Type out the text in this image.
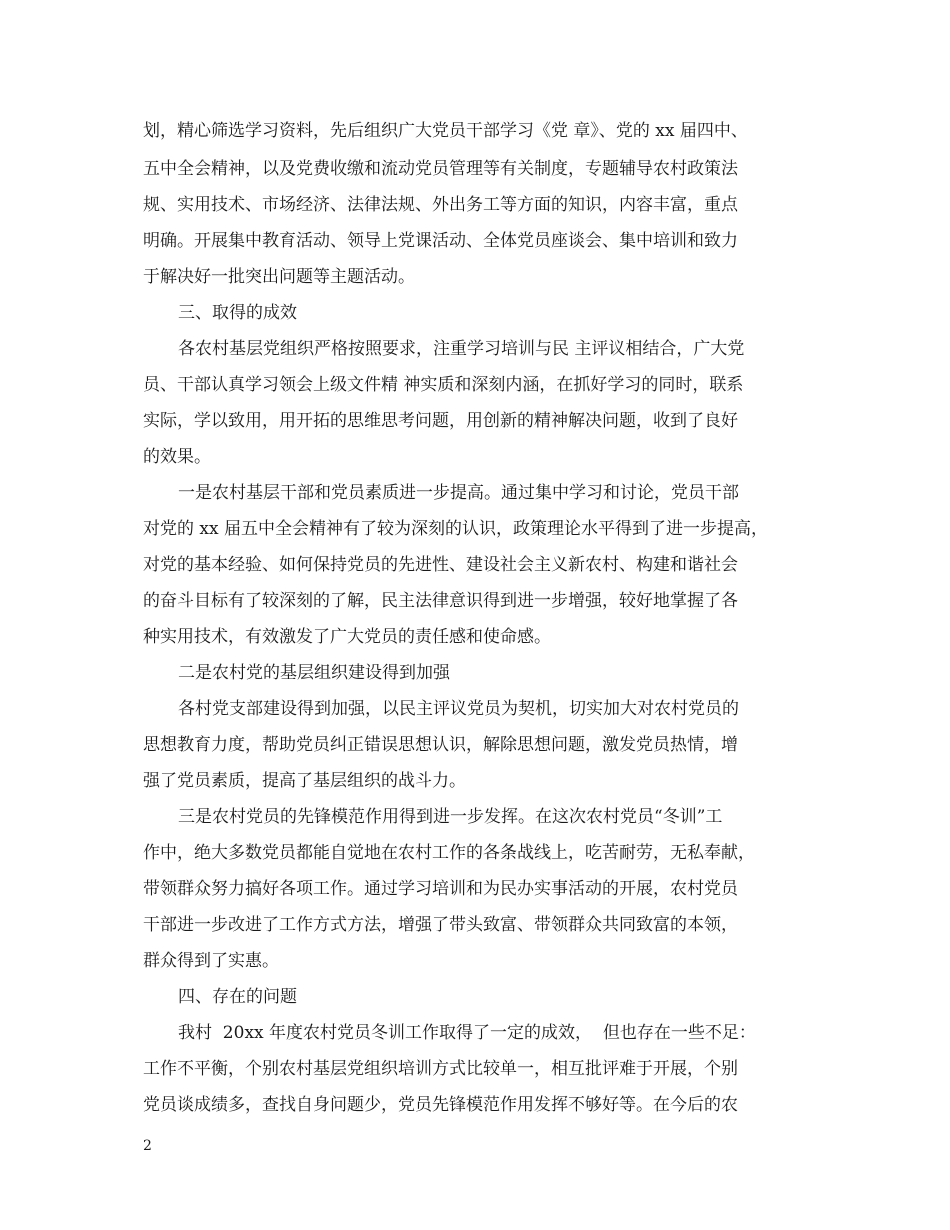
划，精心筛选学习资料，先后组织广大党员干部学习《党 章》、党的 xx 届四中、
五中全会精神，以及党费收缴和流动党员管理等有关制度，专题辅导农村政策法
规、实用技术、市场经济、法律法规、外出务工等方面的知识，内容丰富，重点
明确。开展集中教育活动、领导上党课活动、全体党员座谈会、集中培训和致力
于解决好一批突出问题等主题活动。
三、取得的成效
各农村基层党组织严格按照要求，注重学习培训与民 主评议相结合，广大党
员、干部认真学习领会上级文件精 神实质和深刻内涵，在抓好学习的同时，联系
实际，学以致用，用开拓的思维思考问题，用创新的精神解决问题，收到了良好
的效果。
一是农村基层干部和党员素质进一步提高。通过集中学习和讨论，党员干部
对党的 xx 届五中全会精神有了较为深刻的认识，政策理论水平得到了进一步提高，
对党的基本经验、如何保持党员的先进性、建设社会主义新农村、构建和谐社会
的奋斗目标有了较深刻的了解，民主法律意识得到进一步增强，较好地掌握了各
种实用技术，有效激发了广大党员的责任感和使命感。
二是农村党的基层组织建设得到加强
各村党支部建设得到加强，以民主评议党员为契机，切实加大对农村党员的
思想教育力度，帮助党员纠正错误思想认识，解除思想问题，激发党员热情，增
强了党员素质，提高了基层组织的战斗力。
三是农村党员的先锋模范作用得到进一步发挥。在这次农村党员“冬训”工
作中，绝大多数党员都能自觉地在农村工作的各条战线上，吃苦耐劳，无私奉献，
带领群众努力搞好各项工作。通过学习培训和为民办实事活动的开展，农村党员
干部进一步改进了工作方式方法，增强了带头致富、带领群众共同致富的本领，
群众得到了实惠。
四、存在的问题
我村  20xx 年度农村党员冬训工作取得了一定的成效，  但也存在一些不足：
工作不平衡，个别农村基层党组织培训方式比较单一，相互批评难于开展，个别
党员谈成绩多，查找自身问题少，党员先锋模范作用发挥不够好等。在今后的农
2
